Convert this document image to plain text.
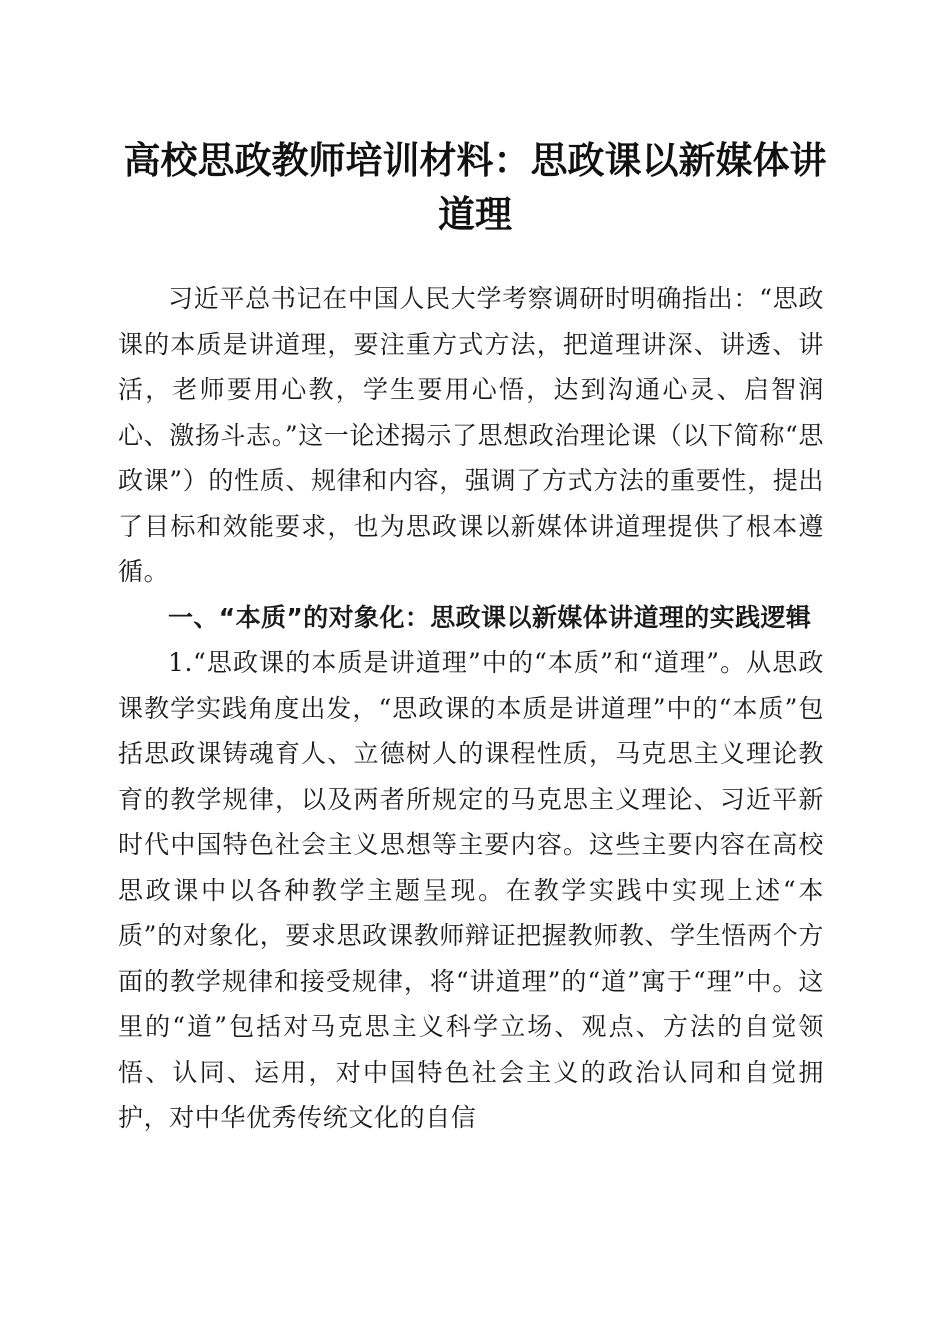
高校思政教师培训材料：思政课以新媒体讲道理

习近平总书记在中国人民大学考察调研时明确指出：“思政课的本质是讲道理，要注重方式方法，把道理讲深、讲透、讲活，老师要用心教，学生要用心悟，达到沟通心灵、启智润心、激扬斗志。”这一论述揭示了思想政治理论课（以下简称“思政课”）的性质、规律和内容，强调了方式方法的重要性，提出了目标和效能要求，也为思政课以新媒体讲道理提供了根本遵循。

一、“本质”的对象化：思政课以新媒体讲道理的实践逻辑

1.“思政课的本质是讲道理”中的“本质”和“道理”。从思政课教学实践角度出发，“思政课的本质是讲道理”中的“本质”包括思政课铸魂育人、立德树人的课程性质，马克思主义理论教育的教学规律，以及两者所规定的马克思主义理论、习近平新时代中国特色社会主义思想等主要内容。这些主要内容在高校思政课中以各种教学主题呈现。在教学实践中实现上述“本质”的对象化，要求思政课教师辩证把握教师教、学生悟两个方面的教学规律和接受规律，将“讲道理”的“道”寓于“理”中。这里的“道”包括对马克思主义科学立场、观点、方法的自觉领悟、认同、运用，对中国特色社会主义的政治认同和自觉拥护，对中华优秀传统文化的自信
